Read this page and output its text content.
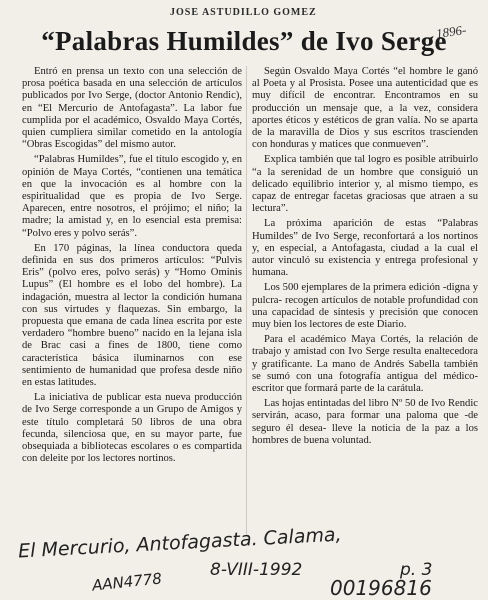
JOSE ASTUDILLO GOMEZ
“Palabras Humildes” de Ivo Serge
1896-

Entró en prensa un texto con una selección de prosa poética basada en una selección de artículos publicados por Ivo Serge, (doctor Antonio Rendic), en “El Mercurio de Antofagasta”. La labor fue cumplida por el académico, Osvaldo Maya Cortés, quien cumpliera similar cometido en la antología “Obras Escogidas” del mismo autor.

“Palabras Humildes”, fue el título escogido y, en opinión de Maya Cortés, “contienen una temática en que la invocación es al hombre con la espiritualidad que es propia de Ivo Serge. Aparecen, entre nosotros, el prójimo; el niño; la madre; la amistad y, en lo esencial esta premisa: “Polvo eres y polvo serás”.

En 170 páginas, la línea conductora queda definida en sus dos primeros artículos: “Pulvis Eris” (polvo eres, polvo serás) y “Homo Ominis Lupus” (El hombre es el lobo del hombre). La indagación, muestra al lector la condición humana con sus virtudes y flaquezas. Sin embargo, la propuesta que emana de cada línea escrita por este verdadero “hombre bueno” nacido en la lejana isla de Brac casi a fines de 1800, tiene como característica básica iluminarnos con ese sentimiento de humanidad que profesa desde niño en estas latitudes.

La iniciativa de publicar esta nueva producción de Ivo Serge corresponde a un Grupo de Amigos y este título completará 50 libros de una obra fecunda, silenciosa que, en su mayor parte, fue obsequiada a bibliotecas escolares o es compartida con deleite por los lectores nortinos.

Según Osvaldo Maya Cortés “el hombre le ganó al Poeta y al Prosista. Posee una autenticidad que es muy difícil de encontrar. Encontramos en su producción un mensaje que, a la vez, considera aportes éticos y estéticos de gran valía. No se aparta de la maravilla de Dios y sus escritos trascienden con honduras y matices que conmueven”.

Explica también que tal logro es posible atribuirlo “a la serenidad de un hombre que consiguió un delicado equilibrio interior y, al mismo tiempo, es capaz de entregar facetas graciosas que atraen a su lectura”.

La próxima aparición de estas “Palabras Humildes” de Ivo Serge, reconfortará a los nortinos y, en especial, a Antofagasta, ciudad a la cual el autor vinculó su existencia y entrega profesional y humana.

Los 500 ejemplares de la primera edición -digna y pulcra- recogen artículos de notable profundidad con una capacidad de síntesis y precisión que conocen muy bien los lectores de este Diario.

Para el académico Maya Cortés, la relación de trabajo y amistad con Ivo Serge resulta enaltecedora y gratificante. La mano de Andrés Sabella también se sumó con una fotografía antigua del médico-escritor que formará parte de la carátula.

Las hojas entintadas del libro Nº 50 de Ivo Rendic servirán, acaso, para formar una paloma que -de seguro él desea- lleve la noticia de la paz a los hombres de buena voluntad.

El Mercurio, Antofagasta. Calama,
8-VIII-1992	p. 3
AAN4778	00196816
